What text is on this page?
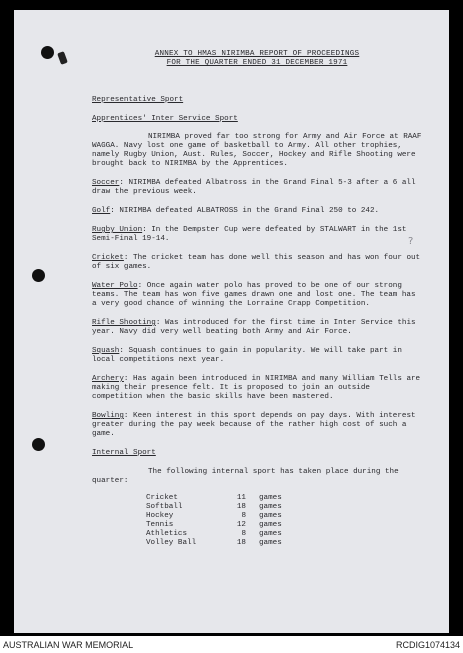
?
ANNEX TO HMAS NIRIMBA REPORT OF PROCEEDINGS
FOR THE QUARTER ENDED 31 DECEMBER 1971
Representative Sport
Apprentices' Inter Service Sport

NIRIMBA proved far too strong for Army and Air Force at RAAF WAGGA. Navy lost one game of basketball to Army. All other trophies, namely Rugby Union, Aust. Rules, Soccer, Hockey and Rifle Shooting were brought back to NIRIMBA by the Apprentices.

Soccer: NIRIMBA defeated Albatross in the Grand Final 5-3 after a 6 all draw the previous week.

Golf: NIRIMBA defeated ALBATROSS in the Grand Final 250 to 242.

Rugby Union: In the Dempster Cup were defeated by STALWART in the 1st Semi-Final 19-14.

Cricket: The cricket team has done well this season and has won four out of six games.

Water Polo: Once again water polo has proved to be one of our strong teams. The team has won five games drawn one and lost one. The team has a very good chance of winning the Lorraine Crapp Competition.

Rifle Shooting: Was introduced for the first time in Inter Service this year. Navy did very well beating both Army and Air Force.

Squash: Squash continues to gain in popularity. We will take part in local competitions next year.

Archery: Has again been introduced in NIRIMBA and many William Tells are making their presence felt. It is proposed to join an outside competition when the basic skills have been mastered.

Bowling: Keen interest in this sport depends on pay days. With interest greater during the pay week because of the rather high cost of such a game.

Internal Sport

The following internal sport has taken place during the quarter:

Cricket	11	games
Softball	18	games
Hockey	8	games
Tennis	12	games
Athletics	8	games
Volley Ball	18	games
AUSTRALIAN WAR MEMORIAL	RCDIG1074134
